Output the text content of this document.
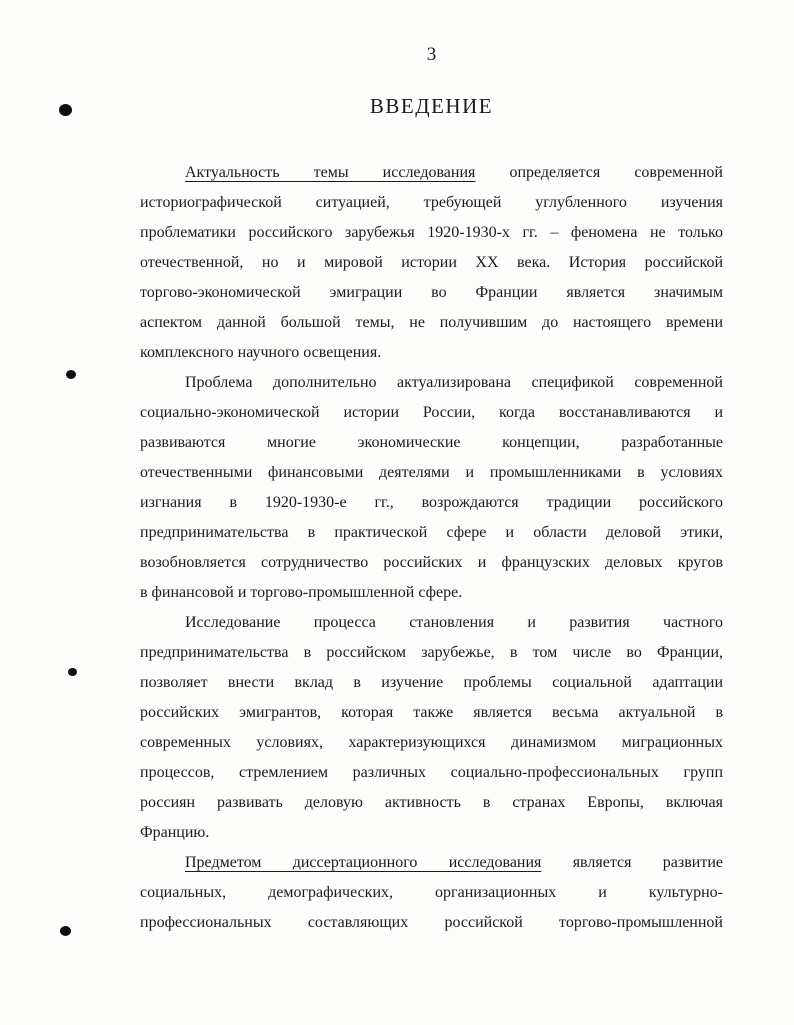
3
ВВЕДЕНИЕ
Актуальность темы исследования определяется современной
историографической ситуацией, требующей углубленного изучения
проблематики российского зарубежья 1920-1930-х гг. – феномена не только
отечественной, но и мировой истории XX века. История российской
торгово-экономической эмиграции во Франции является значимым
аспектом данной большой темы, не получившим до настоящего времени
комплексного научного освещения.
Проблема дополнительно актуализирована спецификой современной
социально-экономической истории России, когда восстанавливаются и
развиваются многие экономические концепции, разработанные
отечественными финансовыми деятелями и промышленниками в условиях
изгнания в 1920-1930-е гг., возрождаются традиции российского
предпринимательства в практической сфере и области деловой этики,
возобновляется сотрудничество российских и французских деловых кругов
в финансовой и торгово-промышленной сфере.
Исследование процесса становления и развития частного
предпринимательства в российском зарубежье, в том числе во Франции,
позволяет внести вклад в изучение проблемы социальной адаптации
российских эмигрантов, которая также является весьма актуальной в
современных условиях, характеризующихся динамизмом миграционных
процессов, стремлением различных социально-профессиональных групп
россиян развивать деловую активность в странах Европы, включая
Францию.
Предметом диссертационного исследования является развитие
социальных, демографических, организационных и культурно-
профессиональных составляющих российской торгово-промышленной
